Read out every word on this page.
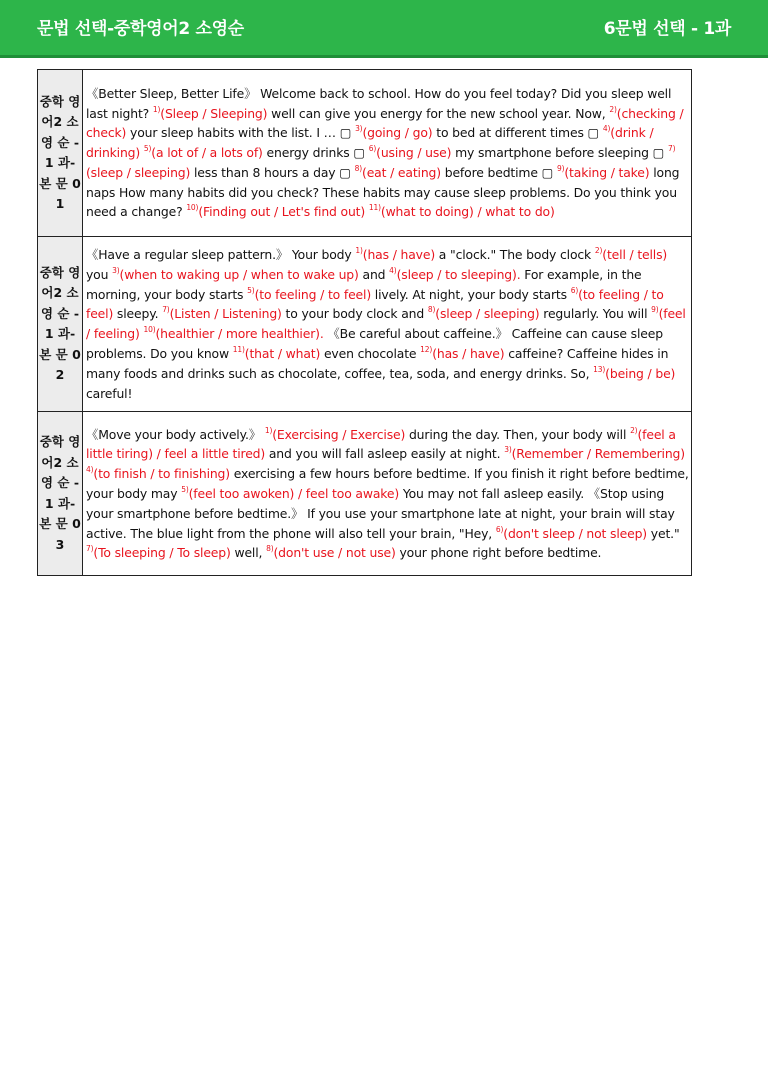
문법 선택-중학영어2 소영순	6문법 선택 - 1과
중학 영어2 소영 순 - 1 과-본 문 01	《Better Sleep, Better Life》 Welcome back to school. How do you feel today? Did you sleep well last night? $^{1)}$(Sleep / Sleeping) well can give you energy for the new school year. Now, $^{2)}$(checking / check) your sleep habits with the list. I … ▢ $^{3)}$(going / go) to bed at different times ▢ $^{4)}$(drink / drinking) $^{5)}$(a lot of / a lots of) energy drinks ▢ $^{6)}$(using / use) my smartphone before sleeping ▢ $^{7)}$(sleep / sleeping) less than 8 hours a day ▢ $^{8)}$(eat / eating) before bedtime ▢ $^{9)}$(taking / take) long naps How many habits did you check? These habits may cause sleep problems. Do you think you need a change? $^{10)}$(Finding out / Let's find out) $^{11)}$(what to doing) / what to do)
중학 영어2 소영 순 - 1 과-본 문 02	《Have a regular sleep pattern.》 Your body $^{1)}$(has / have) a "clock." The body clock $^{2)}$(tell / tells) you $^{3)}$(when to waking up / when to wake up) and $^{4)}$(sleep / to sleeping). For example, in the morning, your body starts $^{5)}$(to feeling / to feel) lively. At night, your body starts $^{6)}$(to feeling / to feel) sleepy. $^{7)}$(Listen / Listening) to your body clock and $^{8)}$(sleep / sleeping) regularly. You will $^{9)}$(feel / feeling) $^{10)}$(healthier / more healthier). 《Be careful about caffeine.》 Caffeine can cause sleep problems. Do you know $^{11)}$(that / what) even chocolate $^{12)}$(has / have) caffeine? Caffeine hides in many foods and drinks such as chocolate, coffee, tea, soda, and energy drinks. So, $^{13)}$(being / be) careful!
중학 영어2 소영 순 - 1 과-본 문 03	《Move your body actively.》 $^{1)}$(Exercising / Exercise) during the day. Then, your body will $^{2)}$(feel a little tiring) / feel a little tired) and you will fall asleep easily at night. $^{3)}$(Remember / Remembering) $^{4)}$(to finish / to finishing) exercising a few hours before bedtime. If you finish it right before bedtime, your body may $^{5)}$(feel too awoken) / feel too awake) You may not fall asleep easily. 《Stop using your smartphone before bedtime.》 If you use your smartphone late at night, your brain will stay active. The blue light from the phone will also tell your brain, "Hey, $^{6)}$(don't sleep / not sleep) yet." $^{7)}$(To sleeping / To sleep) well, $^{8)}$(don't use / not use) your phone right before bedtime.
